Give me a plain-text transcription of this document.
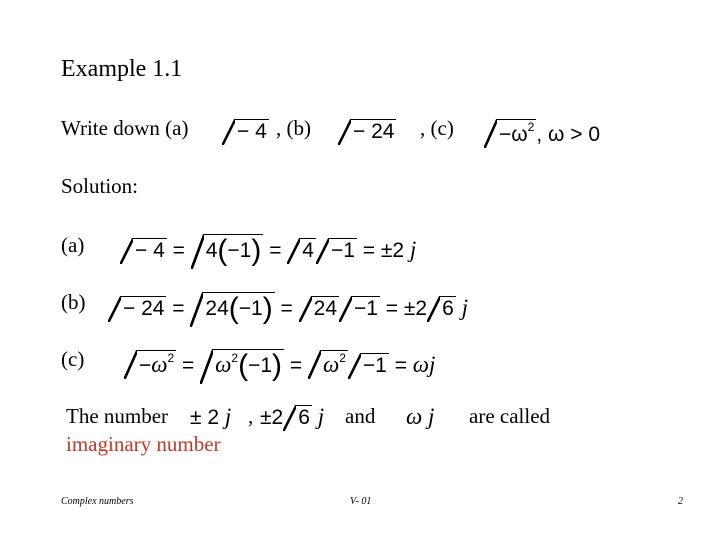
Example 1.1
Write down (a)	− 4 , (b)	− 24 , (c)	$-\omega^2$, ω > 0
Solution:
(a)	− 4 = 4(−1) = 4 −1 = ±2 j
(b)	− 24 = 24(−1) = 24 −1 = ±2 6 j
(c)	$-\omega^2 = \omega^2(-1) = \omega^2 -1 = \omega j$
The number ± 2 j , ±2 6 j and ω j are called
imaginary number
Complex numbers	V- 01	2
